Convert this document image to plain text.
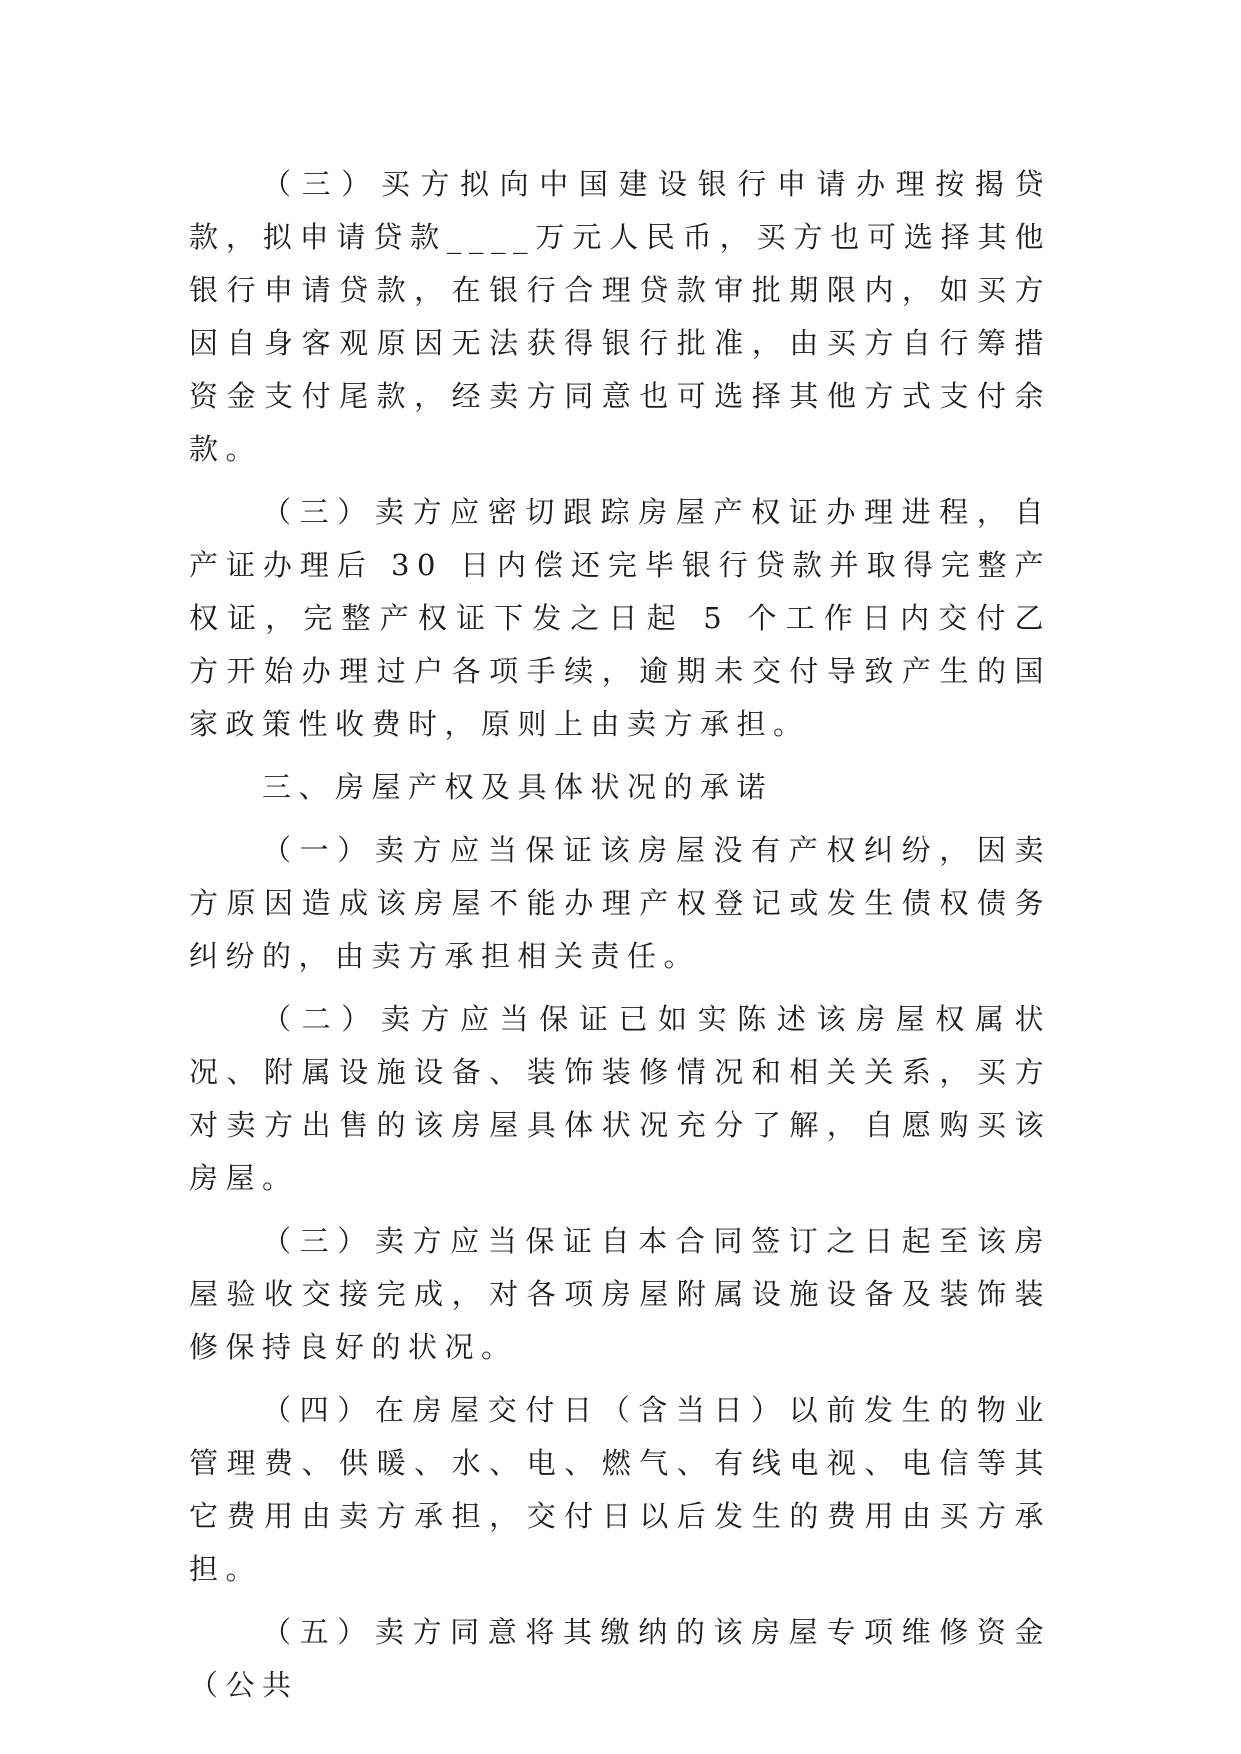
（三）买方拟向中国建设银行申请办理按揭贷款，拟申请贷款____万元人民币，买方也可选择其他银行申请贷款，在银行合理贷款审批期限内，如买方因自身客观原因无法获得银行批准，由买方自行筹措资金支付尾款，经卖方同意也可选择其他方式支付余款。

（三）卖方应密切跟踪房屋产权证办理进程，自产证办理后 30 日内偿还完毕银行贷款并取得完整产权证，完整产权证下发之日起 5 个工作日内交付乙方开始办理过户各项手续，逾期未交付导致产生的国家政策性收费时，原则上由卖方承担。

三、房屋产权及具体状况的承诺

（一）卖方应当保证该房屋没有产权纠纷，因卖方原因造成该房屋不能办理产权登记或发生债权债务纠纷的，由卖方承担相关责任。

（二）卖方应当保证已如实陈述该房屋权属状况、附属设施设备、装饰装修情况和相关关系，买方对卖方出售的该房屋具体状况充分了解，自愿购买该房屋。

（三）卖方应当保证自本合同签订之日起至该房屋验收交接完成，对各项房屋附属设施设备及装饰装修保持良好的状况。

（四）在房屋交付日（含当日）以前发生的物业管理费、供暖、水、电、燃气、有线电视、电信等其它费用由卖方承担，交付日以后发生的费用由买方承担。

（五）卖方同意将其缴纳的该房屋专项维修资金（公共
